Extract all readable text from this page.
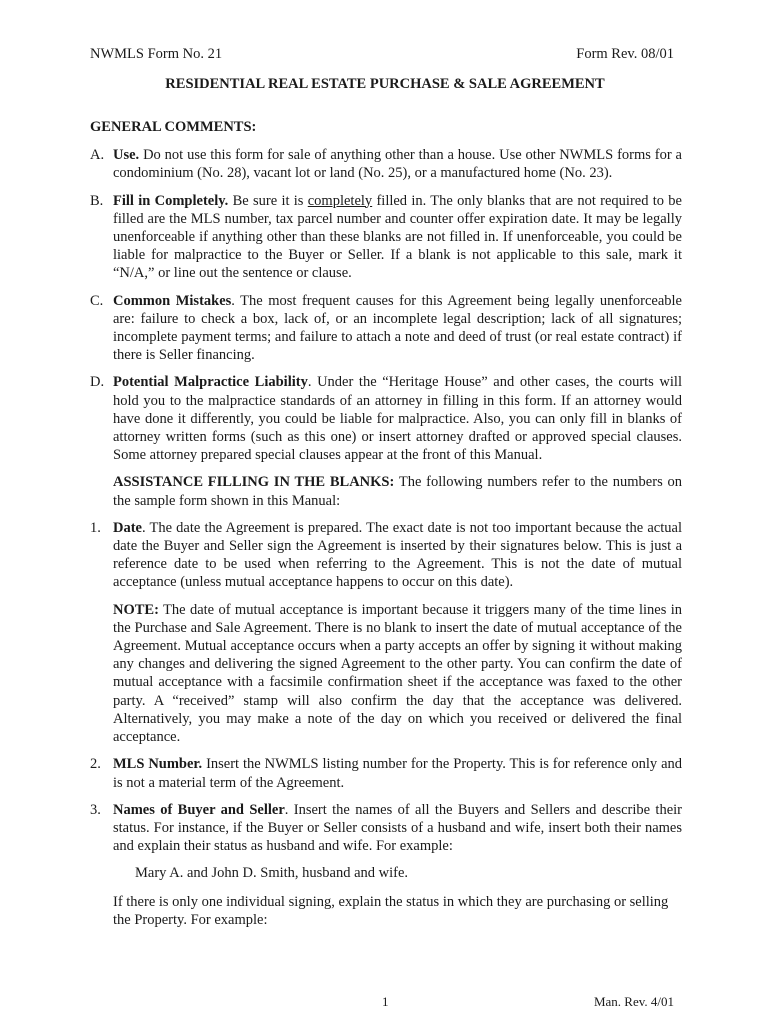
NWMLS Form No. 21	Form Rev. 08/01
RESIDENTIAL REAL ESTATE PURCHASE & SALE AGREEMENT

GENERAL COMMENTS:

A. Use. Do not use this form for sale of anything other than a house. Use other NWMLS forms for a condominium (No. 28), vacant lot or land (No. 25), or a manufactured home (No. 23).

B. Fill in Completely. Be sure it is completely filled in. The only blanks that are not required to be filled are the MLS number, tax parcel number and counter offer expiration date. It may be legally unenforceable if anything other than these blanks are not filled in. If unenforceable, you could be liable for malpractice to the Buyer or Seller. If a blank is not applicable to this sale, mark it “N/A,” or line out the sentence or clause.

C. Common Mistakes. The most frequent causes for this Agreement being legally unenforceable are: failure to check a box, lack of, or an incomplete legal description; lack of all signatures; incomplete payment terms; and failure to attach a note and deed of trust (or real estate contract) if there is Seller financing.

D. Potential Malpractice Liability. Under the “Heritage House” and other cases, the courts will hold you to the malpractice standards of an attorney in filling in this form. If an attorney would have done it differently, you could be liable for malpractice. Also, you can only fill in blanks of attorney written forms (such as this one) or insert attorney drafted or approved special clauses. Some attorney prepared special clauses appear at the front of this Manual.

ASSISTANCE FILLING IN THE BLANKS: The following numbers refer to the numbers on the sample form shown in this Manual:

1. Date. The date the Agreement is prepared. The exact date is not too important because the actual date the Buyer and Seller sign the Agreement is inserted by their signatures below. This is just a reference date to be used when referring to the Agreement. This is not the date of mutual acceptance (unless mutual acceptance happens to occur on this date).

NOTE: The date of mutual acceptance is important because it triggers many of the time lines in the Purchase and Sale Agreement. There is no blank to insert the date of mutual acceptance of the Agreement. Mutual acceptance occurs when a party accepts an offer by signing it without making any changes and delivering the signed Agreement to the other party. You can confirm the date of mutual acceptance with a facsimile confirmation sheet if the acceptance was faxed to the other party. A “received” stamp will also confirm the day that the acceptance was delivered. Alternatively, you may make a note of the day on which you received or delivered the final acceptance.

2. MLS Number. Insert the NWMLS listing number for the Property. This is for reference only and is not a material term of the Agreement.

3. Names of Buyer and Seller. Insert the names of all the Buyers and Sellers and describe their status. For instance, if the Buyer or Seller consists of a husband and wife, insert both their names and explain their status as husband and wife. For example:

Mary A. and John D. Smith, husband and wife.

If there is only one individual signing, explain the status in which they are purchasing or selling the Property. For example:

1	Man. Rev. 4/01
